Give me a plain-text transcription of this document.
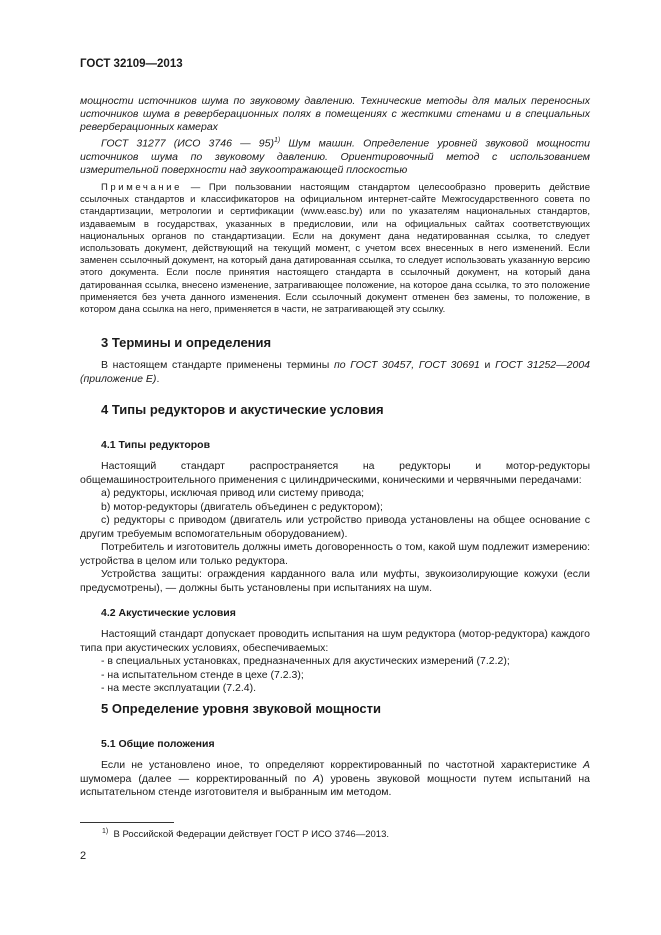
ГОСТ 32109—2013

мощности источников шума по звуковому давлению. Технические методы для малых переносных источников шума в реверберационных полях в помещениях с жесткими стенами и в специальных реверберационных камерах

ГОСТ 31277 (ИСО 3746 — 95)$^{1)}$ Шум машин. Определение уровней звуковой мощности источников шума по звуковому давлению. Ориентировочный метод с использованием измерительной поверхности над звукоотражающей плоскостью

Примечание — При пользовании настоящим стандартом целесообразно проверить действие ссылочных стандартов и классификаторов на официальном интернет-сайте Межгосударственного совета по стандартизации, метрологии и сертификации (www.easc.by) или по указателям национальных стандартов, издаваемым в государствах, указанных в предисловии, или на официальных сайтах соответствующих национальных органов по стандартизации. Если на документ дана недатированная ссылка, то следует использовать документ, действующий на текущий момент, с учетом всех внесенных в него изменений. Если заменен ссылочный документ, на который дана датированная ссылка, то следует использовать указанную версию этого документа. Если после принятия настоящего стандарта в ссылочный документ, на который дана датированная ссылка, внесено изменение, затрагивающее положение, на которое дана ссылка, то это положение применяется без учета данного изменения. Если ссылочный документ отменен без замены, то положение, в котором дана ссылка на него, применяется в части, не затрагивающей эту ссылку.

3 Термины и определения

В настоящем стандарте применены термины по ГОСТ 30457, ГОСТ 30691 и ГОСТ 31252—2004 (приложение Е).

4 Типы редукторов и акустические условия
4.1 Типы редукторов

Настоящий стандарт распространяется на редукторы и мотор-редукторы общемашиностроительного применения с цилиндрическими, коническими и червячными передачами:

a) редукторы, исключая привод или систему привода;

b) мотор-редукторы (двигатель объединен с редуктором);

c) редукторы с приводом (двигатель или устройство привода установлены на общее основание с другим требуемым вспомогательным оборудованием).

Потребитель и изготовитель должны иметь договоренность о том, какой шум подлежит измерению: устройства в целом или только редуктора.

Устройства защиты: ограждения карданного вала или муфты, звукоизолирующие кожухи (если предусмотрены), — должны быть установлены при испытаниях на шум.

4.2 Акустические условия

Настоящий стандарт допускает проводить испытания на шум редуктора (мотор-редуктора) каждого типа при акустических условиях, обеспечиваемых:

- в специальных установках, предназначенных для акустических измерений (7.2.2);

- на испытательном стенде в цехе (7.2.3);

- на месте эксплуатации (7.2.4).

5 Определение уровня звуковой мощности
5.1 Общие положения

Если не установлено иное, то определяют корректированный по частотной характеристике А шумомера (далее — корректированный по А) уровень звуковой мощности путем испытаний на испытательном стенде изготовителя и выбранным им методом.

$^{1)}$ В Российской Федерации действует ГОСТ Р ИСО 3746—2013.
2
